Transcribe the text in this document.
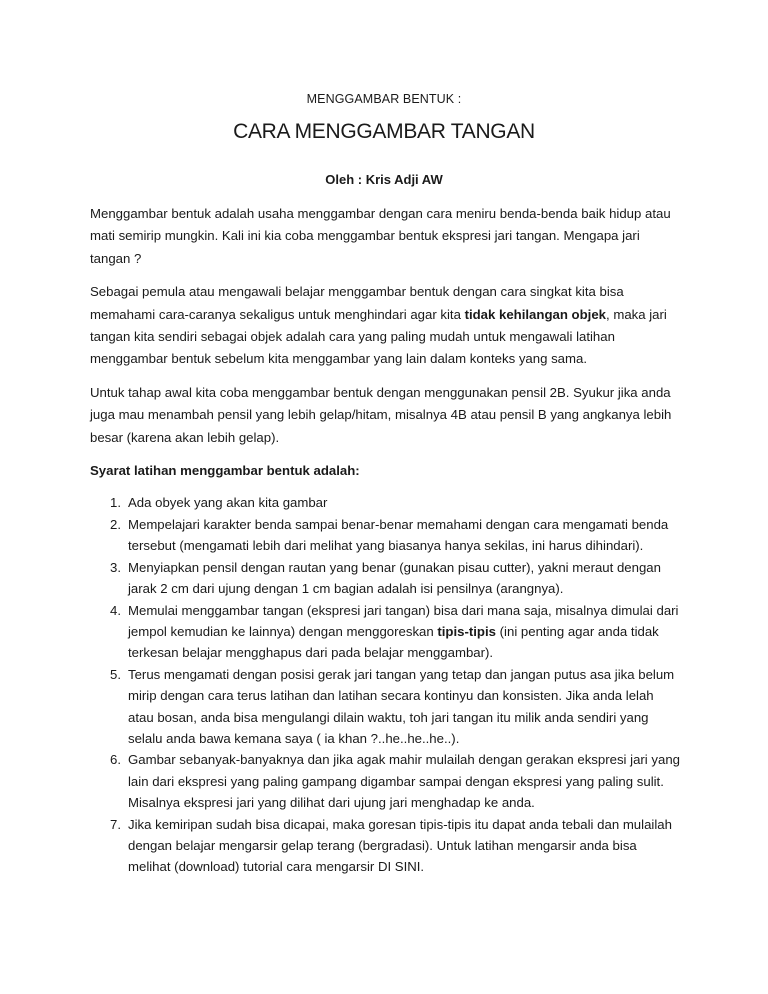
MENGGAMBAR BENTUK :
CARA MENGGAMBAR TANGAN
Oleh : Kris Adji AW

Menggambar bentuk adalah usaha menggambar dengan cara meniru benda-benda baik hidup atau mati semirip mungkin. Kali ini kia coba menggambar bentuk ekspresi jari tangan. Mengapa jari tangan ?

Sebagai pemula atau mengawali belajar menggambar bentuk dengan cara singkat kita bisa memahami cara-caranya sekaligus untuk menghindari agar kita tidak kehilangan objek, maka jari tangan kita sendiri sebagai objek adalah cara yang paling mudah untuk mengawali latihan menggambar bentuk sebelum kita menggambar yang lain dalam konteks yang sama.

Untuk tahap awal kita coba menggambar bentuk dengan menggunakan pensil 2B. Syukur jika anda juga mau menambah pensil yang lebih gelap/hitam, misalnya 4B atau pensil B yang angkanya lebih besar (karena akan lebih gelap).

Syarat latihan menggambar bentuk adalah:

1. Ada obyek yang akan kita gambar
2. Mempelajari karakter benda sampai benar-benar memahami dengan cara mengamati benda tersebut (mengamati lebih dari melihat yang biasanya hanya sekilas, ini harus dihindari).
3. Menyiapkan pensil dengan rautan yang benar (gunakan pisau cutter), yakni meraut dengan jarak 2 cm dari ujung dengan 1 cm bagian adalah isi pensilnya (arangnya).
4. Memulai menggambar tangan (ekspresi jari tangan) bisa dari mana saja, misalnya dimulai dari jempol kemudian ke lainnya) dengan menggoreskan tipis-tipis (ini penting agar anda tidak terkesan belajar mengghapus dari pada belajar menggambar).
5. Terus mengamati dengan posisi gerak jari tangan yang tetap dan jangan putus asa jika belum mirip dengan cara terus latihan dan latihan secara kontinyu dan konsisten. Jika anda lelah atau bosan, anda bisa mengulangi dilain waktu, toh jari tangan itu milik anda sendiri yang selalu anda bawa kemana saya ( ia khan ?..he..he..he..).
6. Gambar sebanyak-banyaknya dan jika agak mahir mulailah dengan gerakan ekspresi jari yang lain dari ekspresi yang paling gampang digambar sampai dengan ekspresi yang paling sulit. Misalnya ekspresi jari yang dilihat dari ujung jari menghadap ke anda.
7. Jika kemiripan sudah bisa dicapai, maka goresan tipis-tipis itu dapat anda tebali dan mulailah dengan belajar mengarsir gelap terang (bergradasi). Untuk latihan mengarsir anda bisa melihat (download) tutorial cara mengarsir DI SINI.
